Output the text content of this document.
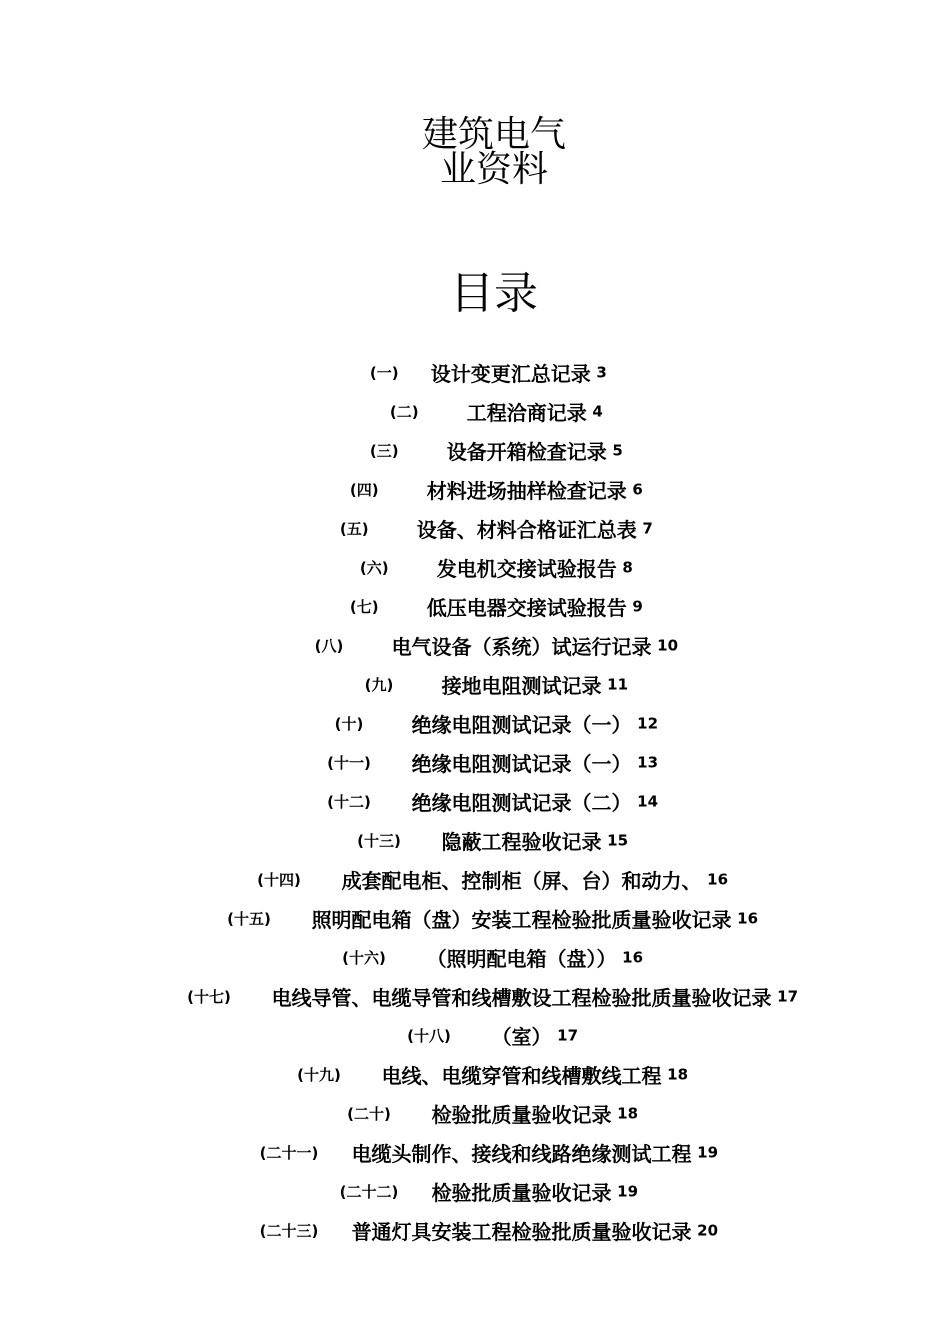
建筑电气
业资料
目录
(一) 设计变更汇总记录 3
(二) 工程洽商记录 4
(三) 设备开箱检查记录 5
(四) 材料进场抽样检查记录 6
(五) 设备、材料合格证汇总表 7
(六) 发电机交接试验报告 8
(七) 低压电器交接试验报告 9
(八) 电气设备（系统）试运行记录 10
(九) 接地电阻测试记录 11
(十) 绝缘电阻测试记录（一） 12
(十一) 绝缘电阻测试记录（一） 13
(十二) 绝缘电阻测试记录（二） 14
(十三) 隐蔽工程验收记录 15
(十四) 成套配电柜、控制柜（屏、台）和动力、 16
(十五) 照明配电箱（盘）安装工程检验批质量验收记录 16
(十六) （照明配电箱（盘）） 16
(十七) 电线导管、电缆导管和线槽敷设工程检验批质量验收记录 17
(十八) （室） 17
(十九) 电线、电缆穿管和线槽敷线工程 18
(二十) 检验批质量验收记录 18
(二十一) 电缆头制作、接线和线路绝缘测试工程 19
(二十二) 检验批质量验收记录 19
(二十三) 普通灯具安装工程检验批质量验收记录 20
